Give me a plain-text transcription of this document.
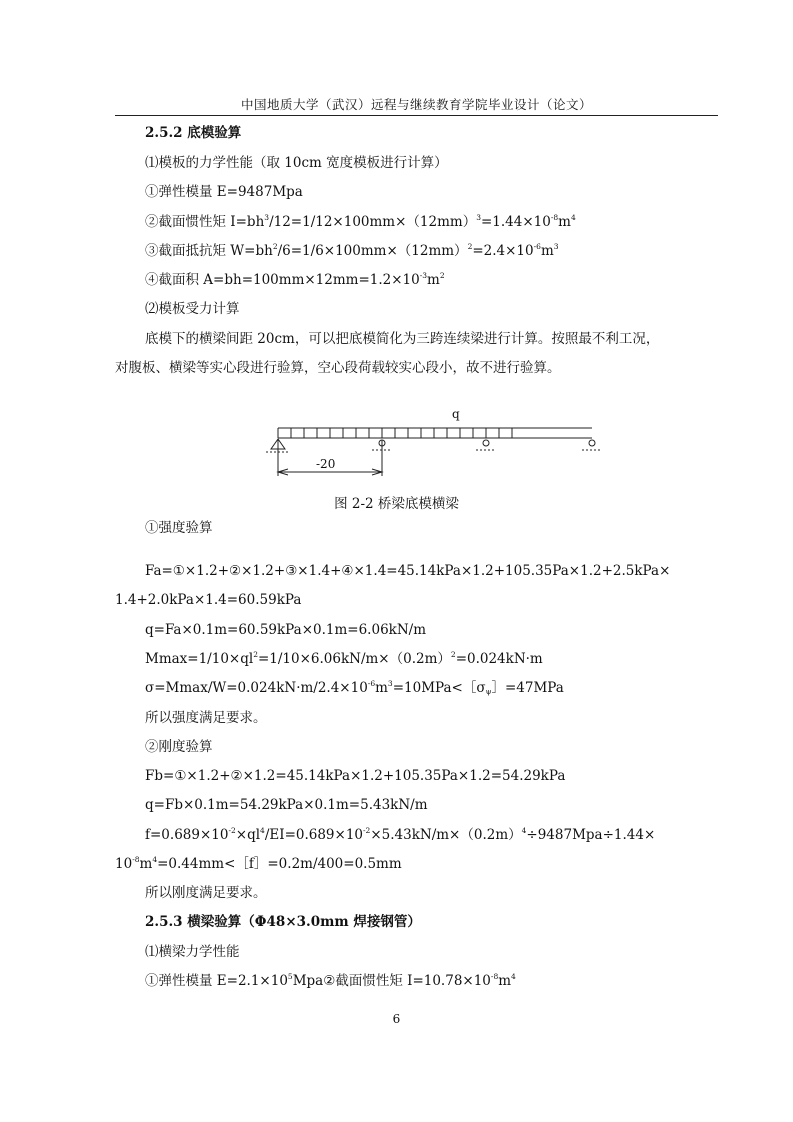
中国地质大学（武汉）远程与继续教育学院毕业设计（论文）
2.5.2 底模验算
⑴模板的力学性能（取 10cm 宽度模板进行计算）
①弹性模量 E=9487Mpa
②截面惯性矩 $I=bh^3/12=1/12\times 100mm\times(12mm)^3=1.44\times 10^{-8}m^4$
③截面抵抗矩 $W=bh^2/6=1/6\times 100mm\times(12mm)^2=2.4\times 10^{-6}m^3$
④截面积 $A=bh=100mm\times 12mm=1.2\times 10^{-3}m^2$
⑵模板受力计算
底模下的横梁间距 20cm，可以把底模简化为三跨连续梁进行计算。按照最不利工况，
对腹板、横梁等实心段进行验算，空心段荷载较实心段小，故不进行验算。
q
-20
图 2-2 桥梁底模横梁
①强度验算
Fa=①×1.2+②×1.2+③×1.4+④×1.4=45.14kPa×1.2+105.35Pa×1.2+2.5kPa×
1.4+2.0kPa×1.4=60.59kPa
q=Fa×0.1m=60.59kPa×0.1m=6.06kN/m
$Mmax=1/10\times ql^2=1/10\times 6.06kN/m\times(0.2m)^2=0.024kN\cdot m$
$\sigma=Mmax/W=0.024kN\cdot m/2.4\times 10^{-6}m^3=10MPa<[\sigma_\psi]=47MPa$
所以强度满足要求。
②刚度验算
Fb=①×1.2+②×1.2=45.14kPa×1.2+105.35Pa×1.2=54.29kPa
q=Fb×0.1m=54.29kPa×0.1m=5.43kN/m
$f=0.689\times 10^{-2}\times ql^4/EI=0.689\times 10^{-2}\times 5.43kN/m\times(0.2m)^4\div 9487Mpa\div 1.44\times$
$10^{-8}m^4=0.44mm<[f]=0.2m/400=0.5mm$
所以刚度满足要求。
2.5.3 横梁验算（Φ48×3.0mm 焊接钢管）
⑴横梁力学性能
①弹性模量 $E=2.1\times 10^5Mpa②$截面惯性矩 $I=10.78\times 10^{-8}m^4$
6
